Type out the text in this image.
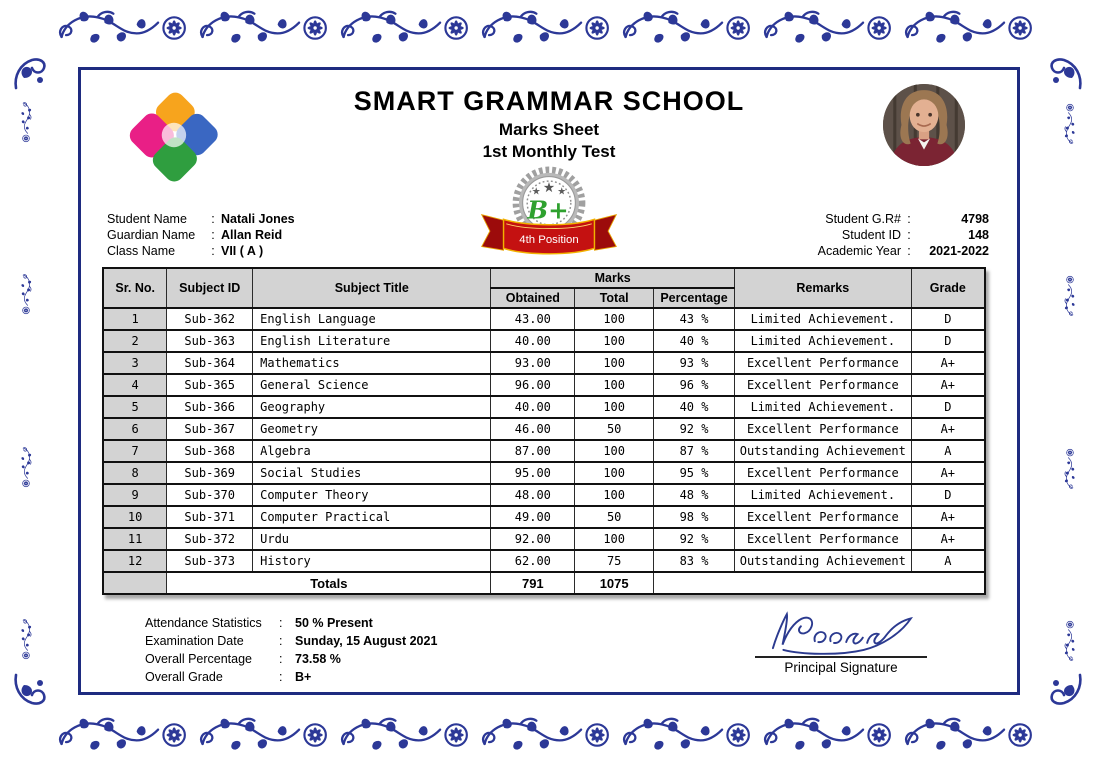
SMART GRAMMAR SCHOOL
Marks Sheet
1st Monthly Test
★ ★ ★
B+
4th Position
Student Name	: Natali Jones
Guardian Name	: Allan Reid
Class Name	: VII ( A )
Student G.R# :	4798
Student ID :	148
Academic Year :	2021-2022
Sr. No.	Subject ID	Subject Title	Marks			Remarks	Grade
			Obtained	Total	Percentage		
1	Sub-362	English Language	43.00	100	43 %	Limited Achievement.	D
2	Sub-363	English Literature	40.00	100	40 %	Limited Achievement.	D
3	Sub-364	Mathematics	93.00	100	93 %	Excellent Performance	A+
4	Sub-365	General Science	96.00	100	96 %	Excellent Performance	A+
5	Sub-366	Geography	40.00	100	40 %	Limited Achievement.	D
6	Sub-367	Geometry	46.00	50	92 %	Excellent Performance	A+
7	Sub-368	Algebra	87.00	100	87 %	Outstanding Achievement	A
8	Sub-369	Social Studies	95.00	100	95 %	Excellent Performance	A+
9	Sub-370	Computer Theory	48.00	100	48 %	Limited Achievement.	D
10	Sub-371	Computer Practical	49.00	50	98 %	Excellent Performance	A+
11	Sub-372	Urdu	92.00	100	92 %	Excellent Performance	A+
12	Sub-373	History	62.00	75	83 %	Outstanding Achievement	A
	Totals		791	1075			
Attendance Statistics	:	50 % Present
Examination Date	:	Sunday, 15 August 2021
Overall Percentage	:	73.58 %
Overall Grade	:	B+
Principal Signature
